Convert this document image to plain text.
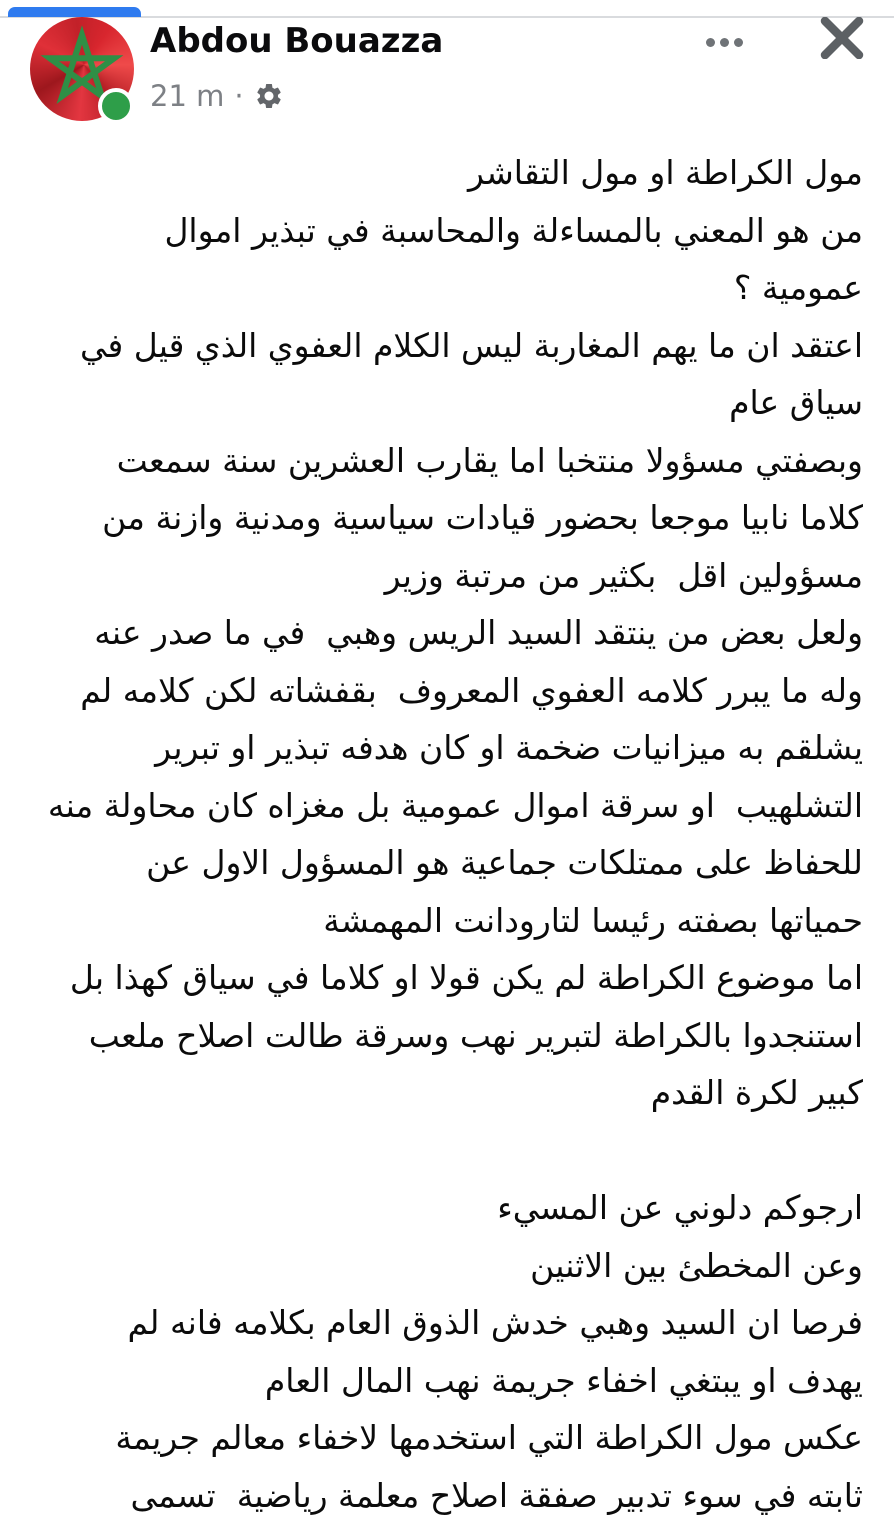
Abdou Bouazza
21 m ·
مول الكراطة او مول التقاشر
من هو المعني بالمساءلة والمحاسبة في تبذير اموال
عمومية ؟
اعتقد ان ما يهم المغاربة ليس الكلام العفوي الذي قيل في
سياق عام
وبصفتي مسؤولا منتخبا اما يقارب العشرين سنة سمعت
كلاما نابيا موجعا بحضور قيادات سياسية ومدنية وازنة من
مسؤولين اقل  بكثير من مرتبة وزير
ولعل بعض من ينتقد السيد الريس وهبي  في ما صدر عنه
وله ما يبرر كلامه العفوي المعروف  بقفشاته لكن كلامه لم
يشلقم به ميزانيات ضخمة او كان هدفه تبذير او تبرير
التشلهيب  او سرقة اموال عمومية بل مغزاه كان محاولة منه
للحفاظ على ممتلكات جماعية هو المسؤول الاول عن
حمياتها بصفته رئيسا لتارودانت المهمشة
اما موضوع الكراطة لم يكن قولا او كلاما في سياق كهذا بل
استنجدوا بالكراطة لتبرير نهب وسرقة طالت اصلاح ملعب
كبير لكرة القدم
ارجوكم دلوني عن المسيء
وعن المخطئ بين الاثنين
فرصا ان السيد وهبي خدش الذوق العام بكلامه فانه لم
يهدف او يبتغي اخفاء جريمة نهب المال العام
عكس مول الكراطة التي استخدمها لاخفاء معالم جريمة
ثابته في سوء تدبير صفقة اصلاح معلمة رياضية  تسمى
